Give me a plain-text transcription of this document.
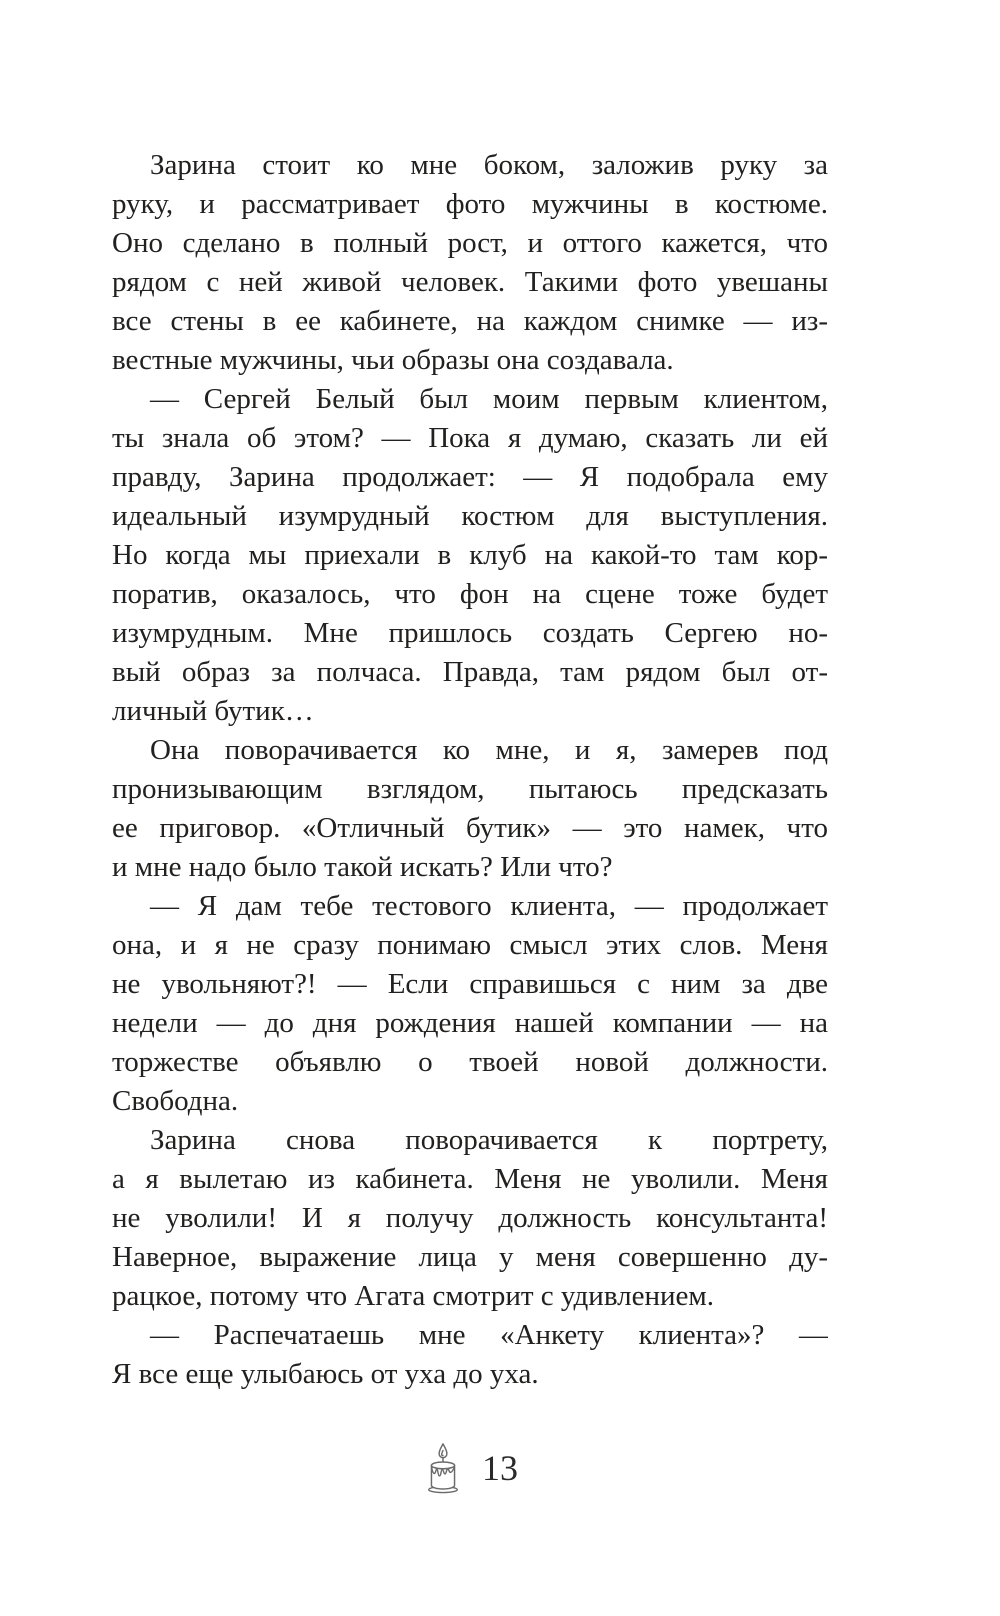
Зарина стоит ко мне боком, заложив руку за
руку, и рассматривает фото мужчины в костюме.
Оно сделано в полный рост, и оттого кажется, что
рядом с ней живой человек. Такими фото увешаны
все стены в ее кабинете, на каждом снимке — из-
вестные мужчины, чьи образы она создавала.
— Сергей Белый был моим первым клиентом,
ты знала об этом? — Пока я думаю, сказать ли ей
правду, Зарина продолжает: — Я подобрала ему
идеальный изумрудный костюм для выступления.
Но когда мы приехали в клуб на какой-то там кор-
поратив, оказалось, что фон на сцене тоже будет
изумрудным. Мне пришлось создать Сергею но-
вый образ за полчаса. Правда, там рядом был от-
личный бутик…
Она поворачивается ко мне, и я, замерев под
пронизывающим взглядом, пытаюсь предсказать
ее приговор. «Отличный бутик» — это намек, что
и мне надо было такой искать? Или что?
— Я дам тебе тестового клиента, — продолжает
она, и я не сразу понимаю смысл этих слов. Меня
не увольняют?! — Если справишься с ним за две
недели — до дня рождения нашей компании — на
торжестве объявлю о твоей новой должности.
Свободна.
Зарина снова поворачивается к портрету,
а я вылетаю из кабинета. Меня не уволили. Меня
не уволили! И я получу должность консультанта!
Наверное, выражение лица у меня совершенно ду-
рацкое, потому что Агата смотрит с удивлением.
— Распечатаешь мне «Анкету клиента»? —
Я все еще улыбаюсь от уха до уха.
13
